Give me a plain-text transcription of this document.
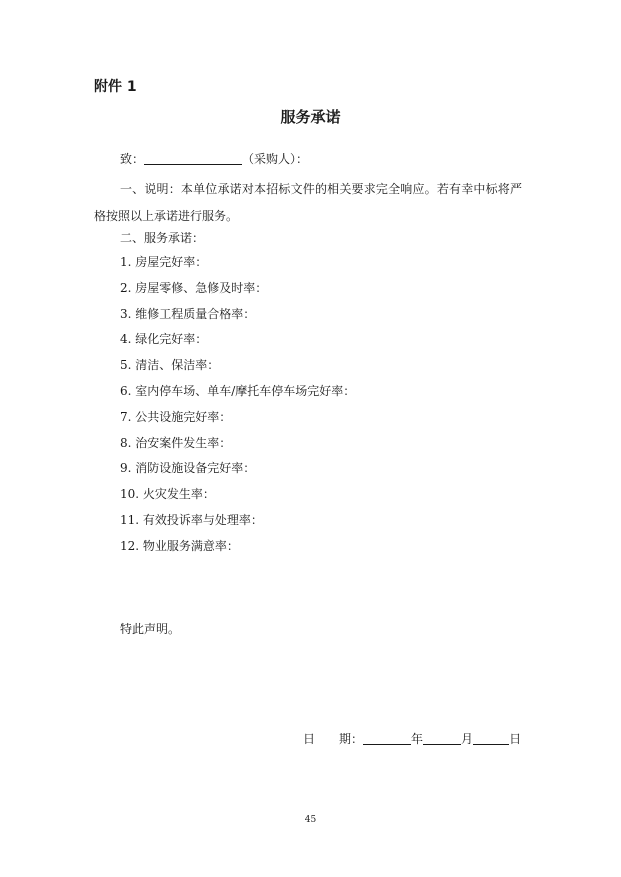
附件 1
服务承诺
致：	（采购人）：
一、说明：本单位承诺对本招标文件的相关要求完全响应。若有幸中标将严格按照以上承诺进行服务。
二、服务承诺：
1. 房屋完好率：
2. 房屋零修、急修及时率：
3. 维修工程质量合格率：
4. 绿化完好率：
5. 清洁、保洁率：
6. 室内停车场、单车/摩托车停车场完好率：
7. 公共设施完好率：
8. 治安案件发生率：
9. 消防设施设备完好率：
10. 火灾发生率：
11. 有效投诉率与处理率：
12. 物业服务满意率：
特此声明。
日 期：	年	月	日
45
